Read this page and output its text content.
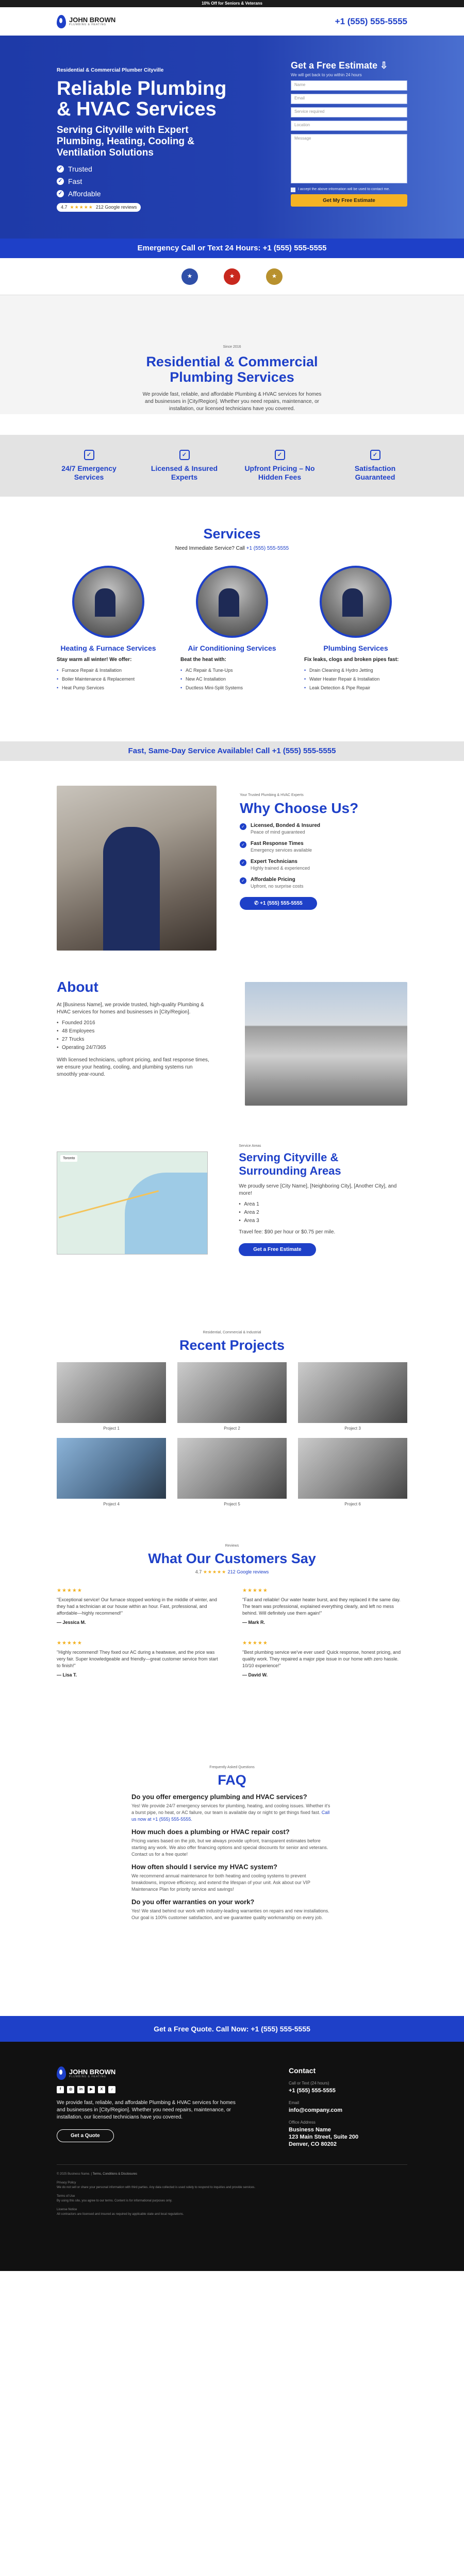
10% Off for Seniors & Veterans
JOHN BROWN
PLUMBING & HEATING	+1 (555) 555-5555
Residential & Commercial Plumber Cityville
Reliable Plumbing & HVAC Services
Serving Cityville with Expert Plumbing, Heating, Cooling & Ventilation Solutions
✓ Trusted
✓ Fast
✓ Affordable
4.7 ★★★★★ 212 Google reviews
Get a Free Estimate ⇩
We will get back to you within 24 hours
Name
Email
Service required
Location
Message
I accept the above information will be used to contact me.
Get My Free Estimate
Emergency Call or Text 24 Hours: +1 (555) 555-5555
★	★	★
Since 2016
Residential & Commercial Plumbing Services

We provide fast, reliable, and affordable Plumbing & HVAC services for homes and businesses in [City/Region]. Whether you need repairs, maintenance, or installation, our licensed technicians have you covered.

✓
24/7 Emergency Services
✓
Licensed & Insured Experts
✓
Upfront Pricing – No Hidden Fees
✓
Satisfaction Guaranteed
Services
Need Immediate Service? Call +1 (555) 555-5555
Heating & Furnace Services
Stay warm all winter! We offer:
• Furnace Repair & Installation
• Boiler Maintenance & Replacement
• Heat Pump Services
Air Conditioning Services
Beat the heat with:
• AC Repair & Tune-Ups
• New AC Installation
• Ductless Mini-Split Systems
Plumbing Services
Fix leaks, clogs and broken pipes fast:
• Drain Cleaning & Hydro Jetting
• Water Heater Repair & Installation
• Leak Detection & Pipe Repair
Fast, Same-Day Service Available! Call +1 (555) 555-5555
Your Trusted Plumbing & HVAC Experts
Why Choose Us?
✓	Licensed, Bonded & Insured
Peace of mind guaranteed
✓	Fast Response Times
Emergency services available
✓	Expert Technicians
Highly trained & experienced
✓	Affordable Pricing
Upfront, no surprise costs
✆ +1 (555) 555-5555
About

At [Business Name], we provide trusted, high-quality Plumbing & HVAC services for homes and businesses in [City/Region].

• Founded 2016
• 48 Employees
• 27 Trucks
• Operating 24/7/365

With licensed technicians, upfront pricing, and fast response times, we ensure your heating, cooling, and plumbing systems run smoothly year-round.

Toronto
Service Areas
Serving Cityville & Surrounding Areas

We proudly serve [City Name], [Neighboring City], [Another City], and more!

• Area 1
• Area 2
• Area 3

Travel fee: $90 per hour or $0.75 per mile.

Get a Free Estimate
Residential, Commercial & Industrial
Recent Projects
Project 1	Project 2	Project 3
Project 4	Project 5	Project 6
Reviews
What Our Customers Say
4.7 ★★★★★ 212 Google reviews
★★★★★

"Exceptional service! Our furnace stopped working in the middle of winter, and they had a technician at our house within an hour. Fast, professional, and affordable—highly recommend!"

— Jessica M.
★★★★★

"Fast and reliable! Our water heater burst, and they replaced it the same day. The team was professional, explained everything clearly, and left no mess behind. Will definitely use them again!"

— Mark R.
★★★★★

"Highly recommend! They fixed our AC during a heatwave, and the price was very fair. Super knowledgeable and friendly—great customer service from start to finish!"

— Lisa T.
★★★★★

"Best plumbing service we've ever used! Quick response, honest pricing, and quality work. They repaired a major pipe issue in our home with zero hassle. 10/10 experience!"

— David W.
Frequently Asked Questions
FAQ
Do you offer emergency plumbing and HVAC services?
Yes! We provide 24/7 emergency services for plumbing, heating, and cooling issues. Whether it's a burst pipe, no heat, or AC failure, our team is available day or night to get things fixed fast. Call us now at +1 (555) 555-5555.
How much does a plumbing or HVAC repair cost?
Pricing varies based on the job, but we always provide upfront, transparent estimates before starting any work. We also offer financing options and special discounts for senior and veterans. Contact us for a free quote!
How often should I service my HVAC system?
We recommend annual maintenance for both heating and cooling systems to prevent breakdowns, improve efficiency, and extend the lifespan of your unit. Ask about our VIP Maintenance Plan for priority service and savings!
Do you offer warranties on your work?
Yes! We stand behind our work with industry-leading warranties on repairs and new installations. Our goal is 100% customer satisfaction, and we guarantee quality workmanship on every job.
Get a Free Quote. Call Now: +1 (555) 555-5555
JOHN BROWN
PLUMBING & HEATING
f	◎	in	▶	X	♪

We provide fast, reliable, and affordable Plumbing & HVAC services for homes and businesses in [City/Region]. Whether you need repairs, maintenance, or installation, our licensed technicians have you covered.

Get a Quote
Contact
Call or Text (24 hours)
+1 (555) 555-5555
Email
info@company.com
Office Address
Business Name
123 Main Street, Suite 200
Denver, CO 80202
© 2025 Business Name. | Terms, Conditions & Disclosures
Privacy Policy
We do not sell or share your personal information with third parties. Any data collected is used solely to respond to inquiries and provide services.
Terms of Use
By using this site, you agree to our terms. Content is for informational purposes only.
License Notice
All contractors are licensed and insured as required by applicable state and local regulations.
